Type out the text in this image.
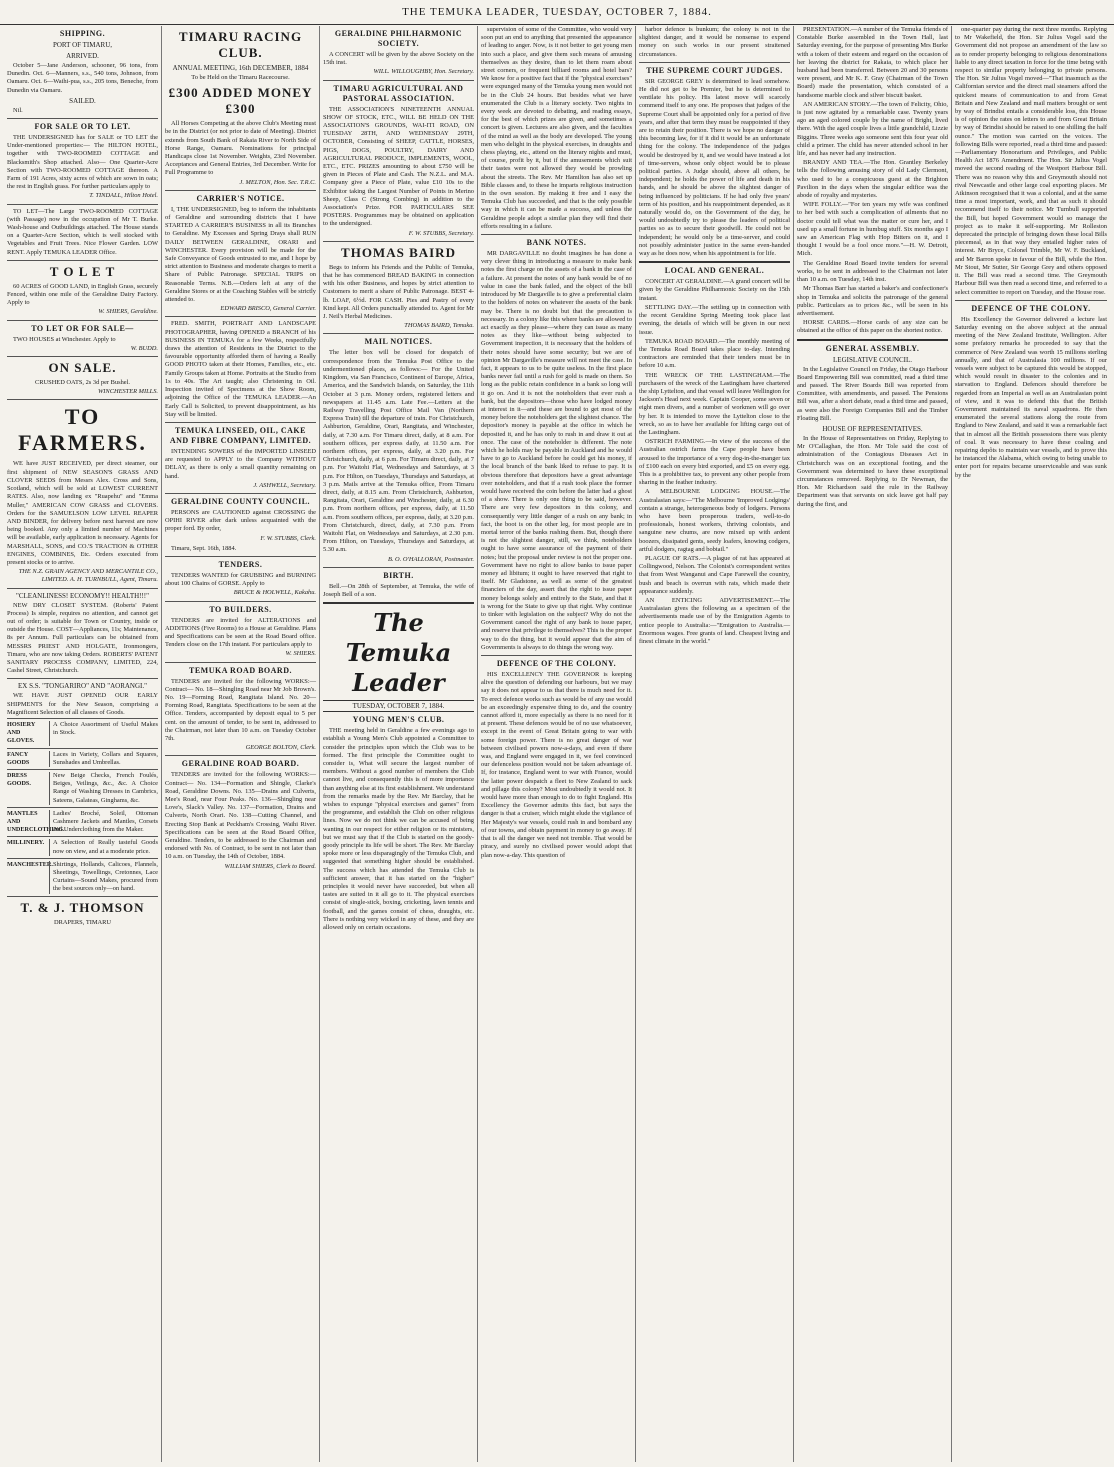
THE TEMUKA LEADER, TUESDAY, OCTOBER 7, 1884.
SHIPPING.
PORT OF TIMARU,
ARRIVED.
October 5—Jane Anderson, schooner, 96 tons, from Dunedin. Oct. 6—Manners, s.s., 540 tons, Johnson, from Oamaru. Oct. 6—Waihi-pua, s.s., 205 tons, Beneche, from Dunedin via Oamaru.
SAILED.
Nil.
FOR SALE OR TO LET.
THE UNDERSIGNED has for SALE or TO LET the Under-mentioned properties:— The HILTON HOTEL, together with TWO-ROOMED COTTAGE and Blacksmith's Shop attached. Also— One Quarter-Acre Section with TWO-ROOMED COTTAGE thereon. A Farm of 191 Acres, sixty acres of which are sown in oats; the rest in English grass. For further particulars apply to
T. TINDALL, Hilton Hotel.
TO LET—The Large TWO-ROOMED COTTAGE (with Passage) now in the occupation of Mr T. Burke. Wash-house and Outbuildings attached. The House stands on a Quarter-Acre Section, which is well stocked with Vegetables and Fruit Trees. Nice Flower Garden. LOW RENT. Apply TEMUKA LEADER Office.
T O L E T
60 ACRES of GOOD LAND, in English Grass, securely Fenced, within one mile of the Geraldine Dairy Factory. Apply to
W. SHIERS, Geraldine.
TO LET OR FOR SALE—
TWO HOUSES at Winchester. Apply to
W. BUDD.
ON SALE.
CRUSHED OATS, 2s 3d per Bushel.
WINCHESTER MILLS.
TO FARMERS.
WE have JUST RECEIVED, per direct steamer, our first shipment of NEW SEASON'S GRASS AND CLOVER SEEDS from Messrs Alex. Cross and Sons, Scotland, which will be sold at LOWEST CURRENT RATES. Also, now landing ex "Ruapehu" and "Emma Muller," AMERICAN COW GRASS and CLOVERS. Orders for the SAMUELSON LOW LEVEL REAPER AND BINDER, for delivery before next harvest are now being booked. Any only a limited number of Machines will be available, early application is necessary. Agents for MARSHALL, SONS, and CO.'S TRACTION & OTHER ENGINES, COMBINES, Etc. Orders executed from present stocks or to arrive.
THE N.Z. GRAIN AGENCY AND MERCANTILE CO., LIMITED. A. H. TURNBULL, Agent, Timaru.
"CLEANLINESS! ECONOMY!! HEALTH!!!"
NEW DRY CLOSET SYSTEM. (Roberts' Patent Process) Is simple, requires no attention, and cannot get out of order; is suitable for Town or Country, inside or outside the House. COST—Appliances, 11s; Maintenance, 8s per Annum. Full particulars can be obtained from MESSRS PRIEST AND HOLGATE, Ironmongers, Timaru, who are now taking Orders. ROBERTS' PATENT SANITARY PROCESS COMPANY, LIMITED, 224, Cashel Street, Christchurch.
EX S.S. "TONGARIRO" AND "AORANGI."
WE HAVE JUST OPENED OUR EARLY SHIPMENTS for the New Season, comprising a Magnificent Selection of all classes of Goods.
HOSIERY AND GLOVES.
A Choice Assortment of Useful Makes in Stock.
FANCY GOODS
Laces in Variety, Collars and Squares, Sunshades and Umbrellas.
DRESS GOODS.
New Beige Checks, French Foulés, Beiges, Veilings, &c., &c. A Choice Range of Washing Dresses in Cambrics, Sateens, Galateas, Ginghams, &c.
MANTLES AND UNDERCLOTHING.
Ladies' Broché, Soleil, Ottoman Cashmere Jackets and Mantles, Corsets and Underclothing from the Maker.
MILLINERY.	A Selection of Really tasteful Goods now on view, and at a moderate price.
MANCHESTER. Shirtings, Hollands, Calicoes, Flannels, Sheetings, Towellings, Cretonnes, Lace Curtains—Sound Makes, procured from the best sources only—on hand.
T. & J. THOMSON
DRAPERS, TIMARU
TIMARU RACING CLUB.
ANNUAL MEETING, 16th DECEMBER, 1884
To be Held on the Timaru Racecourse.
£300 ADDED MONEY £300
All Horses Competing at the above Club's Meeting must be in the District (or not prior to date of Meeting). District extends from South Bank of Rakaia River to North Side of Horse Range, Oamaru. Nominations for principal Handicaps close 1st November. Weights, 23rd November. Acceptances and General Entries, 3rd December. Write for Full Programme to
J. MELTON, Hon. Sec. T.R.C.
CARRIER'S NOTICE.
I, THE UNDERSIGNED, beg to inform the inhabitants of Geraldine and surrounding districts that I have STARTED A CARRIER'S BUSINESS in all its Branches to Geraldine. My Excesses and Spring Drays shall RUN DAILY BETWEEN GERALDINE, ORARI and WINCHESTER. Every provision will be made for the Safe Conveyance of Goods entrusted to me, and I hope by strict attention to Business and moderate charges to merit a Share of Public Patronage. SPECIAL TRIPS on Reasonable Terms. N.B.—Orders left at any of the Geraldine Stores or at the Coaching Stables will be strictly attended to.
EDWARD BRISCO, General Carrier.
FRED. SMITH, PORTRAIT AND LANDSCAPE PHOTOGRAPHER, having OPENED a BRANCH of his BUSINESS IN TEMUKA for a few Weeks, respectfully draws the attention of Residents in the District to the favourable opportunity afforded them of having a Really GOOD PHOTO taken at their Homes, Families, etc., etc. Family Groups taken at Home. Portraits at the Studio from 1s to 40s. The Art taught; also Christening in Oil. Inspection invited of Specimens at the Show Room, adjoining the Office of the TEMUKA LEADER.—An Early Call is Solicited, to prevent disappointment, as his Stay will be limited.
TEMUKA LINSEED, OIL, CAKE AND FIBRE COMPANY, LIMITED.
INTENDING SOWERS of the IMPORTED LINSEED are requested to APPLY to the Company WITHOUT DELAY, as there is only a small quantity remaining on hand.
J. ASHWELL, Secretary.
GERALDINE COUNTY COUNCIL.
PERSONS are CAUTIONED against CROSSING the OPIHI RIVER after dark unless acquainted with the proper ford. By order,
F. W. STUBBS, Clerk.
Timaru, Sept. 16th, 1884.
TENDERS.
TENDERS WANTED for GRUBBING and BURNING about 100 Chains of GORSE. Apply to
BRUCE & HOLWELL, Kakahu.
TO BUILDERS.
TENDERS are invited for ALTERATIONS and ADDITIONS (Five Rooms) to a House at Geraldine. Plans and Specifications can be seen at the Road Board office. Tenders close on the 17th instant. For particulars apply to
W. SHIERS.
TEMUKA ROAD BOARD.
TENDERS are invited for the following WORKS:— Contract— No. 18—Shingling Road near Mr Job Brown's. No. 19—Forming Road, Rangitata Island. No. 20—Forming Road, Rangitata. Specifications to be seen at the Office. Tenders, accompanied by deposit equal to 5 per cent. on the amount of tender, to be sent in, addressed to the Chairman, not later than 10 a.m. on Tuesday October 7th.
GEORGE BOLTON, Clerk.
GERALDINE ROAD BOARD.
TENDERS are invited for the following WORKS:— Contract— No. 134—Formation and Shingle, Clarke's Road, Geraldine Downs. No. 135—Drains and Culverts, Mee's Road, near Four Peaks. No. 136—Shingling near Love's, Slack's Valley. No. 137—Formation, Drains and Culverts, North Orari. No. 138—Cutting Channel, and Erecting Stop Bank at Peckham's Crossing, Waihi River. Specifications can be seen at the Road Board Office, Geraldine. Tenders, to be addressed to the Chairman and endorsed with No. of Contract, to be sent in not later than 10 a.m. on Tuesday, the 14th of October, 1884.
WILLIAM SHIERS, Clerk to Board.
GERALDINE PHILHARMONIC SOCIETY.
A CONCERT will be given by the above Society on the 15th inst.
WILL. WILLOUGHBY, Hon. Secretary.
TIMARU AGRICULTURAL AND PASTORAL ASSOCIATION.
THE ASSOCIATION'S NINETEENTH ANNUAL SHOW OF STOCK, ETC., WILL BE HELD ON THE ASSOCIATION'S GROUNDS, WAI-ITI ROAD, ON TUESDAY 28TH, AND WEDNESDAY 29TH, OCTOBER, Consisting of SHEEP, CATTLE, HORSES, PIGS, DOGS, POULTRY, DAIRY AND AGRICULTURAL PRODUCE, IMPLEMENTS, WOOL, ETC., ETC. PRIZES amounting to about £750 will be given in Pieces of Plate and Cash. The N.Z.L. and M.A. Company give a Piece of Plate, value £10 10s to the Exhibitor taking the Largest Number of Points in Merino Sheep, Class C (Strong Combing) in addition to the Association's Prize. FOR PARTICULARS SEE POSTERS. Programmes may be obtained on application to the undersigned.
F. W. STUBBS, Secretary.
THOMAS BAIRD
Begs to inform his Friends and the Public of Temuka, that he has commenced BREAD BAKING in connection with his other Business, and hopes by strict attention to Customers to merit a share of Public Patronage. BEST 4-lb. LOAF, 6½d. FOR CASH. Pies and Pastry of every Kind kept. All Orders punctually attended to. Agent for Mr J. Neil's Herbal Medicines.
THOMAS BAIRD, Temuka.
MAIL NOTICES.
The letter box will be closed for despatch of correspondence from the Temuka Post Office to the undermentioned places, as follows:— For the United Kingdom, via San Francisco, Continent of Europe, Africa, America, and the Sandwich Islands, on Saturday, the 11th October at 3 p.m. Money orders, registered letters and newspapers at 11.45 a.m. Late Fee.—Letters at the Railway Travelling Post Office Mail Van (Northern Express Train) till the departure of train. For Christchurch, Ashburton, Geraldine, Orari, Rangitata, and Winchester, daily, at 7.30 a.m. For Timaru direct, daily, at 8 a.m. For southern offices, per express daily, at 11.50 a.m. For northern offices, per express, daily, at 3.20 p.m. For Christchurch, daily, at 6 p.m. For Timaru direct, daily, at 7 p.m. For Waitohi Flat, Wednesdays and Saturdays, at 3 p.m. For Hilton, on Tuesdays, Thursdays and Saturdays, at 3 p.m. Mails arrive at the Temuka office, From Timaru direct, daily, at 8.15 a.m. From Christchurch, Ashburton, Rangitata, Orari, Geraldine and Winchester, daily, at 6.30 p.m. From northern offices, per express, daily, at 11.50 a.m. From southern offices, per express, daily, at 3.20 p.m. From Christchurch, direct, daily, at 7.30 p.m. From Waitohi Flat, on Wednesdays and Saturdays, at 2.30 p.m. From Hilton, on Tuesdays, Thursdays and Saturdays, at 5.30 a.m.
B. O. O'HALLORAN, Postmaster.
BIRTH.
Bell.—On 28th of September, at Temuka, the wife of Joseph Bell of a son.
The Temuka Leader
TUESDAY, OCTOBER 7, 1884.
YOUNG MEN'S CLUB.
THE meeting held in Geraldine a few evenings ago to establish a Young Men's Club appointed a Committee to consider the principles upon which the Club was to be formed. The first principle the Committee ought to consider is, What will secure the largest number of members. Without a good number of members the Club cannot live, and consequently this is of more importance than anything else at its first establishment. We understand from the remarks made by the Rev. Mr Barclay, that he wishes to expunge "physical exercises and games" from the programme, and establish the Club on other religious lines. Now we do not think we can be accused of being wanting in our respect for either religion or its ministers, but we must say that if the Club is started on the goody-goody principle its life will be short. The Rev. Mr Barclay spoke more or less disparagingly of the Temuka Club, and suggested that something higher should be established. The success which has attended the Temuka Club is sufficient answer, that it has started on the "higher" principles it would never have succeeded, but when all tastes are suited in it all go to it. The physical exercises consist of single-stick, boxing, cricketing, lawn tennis and football, and the games consist of chess, draughts, etc. There is nothing very wicked in any of these, and they are allowed only on certain occasions.
supervision of some of the Committee, who would very soon put an end to anything that presented the appearance of leading to anger. Now, is it not better to get young men into such a place, and give them such means of amusing themselves as they desire, than to let them roam about street corners, or frequent billiard rooms and hotel bars? We know for a positive fact that if the "physical exercises" were expunged many of the Temuka young men would not be in the Club 24 hours. But besides what we have enumerated the Club is a literary society. Two nights in every week are devoted to debating, and reading essays, for the best of which prizes are given, and sometimes a concert is given. Lectures are also given, and the faculties of the mind as well as the body are developed. The young men who delight in the physical exercises, in draughts and chess playing, etc., attend on the literary nights and must, of course, profit by it, but if the amusements which suit their tastes were not allowed they would be prowling about the streets. The Rev. Mr Hamilton has also set up Bible classes and, to these he imparts religious instruction in the own session. By making it free and I easy the Temuka Club has succeeded, and that is the only possible way in which it can be made a success, and unless the Geraldine people adopt a similar plan they will find their efforts resulting in a failure.
BANK NOTES.
MR DARGAVILLE no doubt imagines he has done a very clever thing in introducing a measure to make bank notes the first charge on the assets of a bank in the case of a failure. At present the notes of any bank would be of no value in case the bank failed, and the object of the bill introduced by Mr Dargaville is to give a preferential claim to the holders of notes on whatever the assets of the bank may be. There is no doubt but that the precaution is necessary. In a colony like this where banks are allowed to act exactly as they please—where they can issue as many notes as they like—without being subjected to Government inspection, it is necessary that the holders of their notes should have some security; but we are of opinion Mr Dargaville's measure will not meet the case. In fact, it appears to us to be quite useless. In the first place banks never fail until a rush for gold is made on them. So long as the public retain confidence in a bank so long will it go on. And it is not the noteholders that ever rush a bank, but the depositors—those who have lodged money at interest in it—and these are bound to get most of the money before the noteholders get the slightest chance. The depositor's money is payable at the office in which he deposited it, and he has only to rush in and draw it out at once. The case of the noteholder is different. The note which he holds may be payable in Auckland and he would have to go to Auckland before he could get his money, if the local branch of the bank liked to refuse to pay. It is obvious therefore that depositors have a great advantage over noteholders, and that if a rush took place the former would have received the coin before the latter had a ghost of a show. There is only one thing to be said, however. There are very few depositors in this colony, and consequently very little danger of a rush on any bank; in fact, the boot is on the other leg, for most people are in mortal terror of the banks rushing them. But, though there is not the slightest danger, still, we think, noteholders ought to have some assurance of the payment of their notes; but the proposal under review is not the proper one. Government have no right to allow banks to issue paper money ad libitum; it ought to have reserved that right to itself. Mr Gladstone, as well as some of the greatest financiers of the day, assert that the right to issue paper money belongs solely and entirely to the State, and that it is wrong for the State to give up that right. Why continue to tinker with legislation on the subject? Why do not the Government cancel the right of any bank to issue paper, and reserve that privilege to themselves? This is the proper way to do the thing, but it would appear that the aim of Governments is always to do things the wrong way.
DEFENCE OF THE COLONY.
HIS EXCELLENCY THE GOVERNOR is keeping alive the question of defending our harbours, but we may say it does not appear to us that there is much need for it. To erect defence works such as would be of any use would be an exceedingly expensive thing to do, and the country cannot afford it, more especially as there is no need for it at present. These defences would be of no use whatsoever, except in the event of Great Britain going to war with some foreign power. There is no great danger of war between civilised powers now-a-days, and even if there was, and England were engaged in it, we feel convinced our defenceless position would not be taken advantage of. If, for instance, England went to war with France, would the latter power despatch a fleet to New Zealand to sack and pillage this colony? Most undoubtedly it would not. It would have more than enough to do to fight England. His Excellency the Governor admits this fact, but says the danger is that a cruiser, which might elude the vigilance of Her Majesty's war vessels, could rush in and bombard any of our towns, and obtain payment in money to go away. If that is all the danger we need not tremble. That would be piracy, and surely no civilised power would adopt that plan now-a-day. This question of
harbor defence is bunkum; the colony is not in the slightest danger, and it would be nonsense to expend money on such works in our present straitened circumstances.
THE SUPREME COURT JUDGES.
SIR GEORGE GREY is determined to lead somehow. He did not get to be Premier, but he is determined to ventilate his policy. His latest move will scarcely commend itself to any one. He proposes that judges of the Supreme Court shall be appointed only for a period of five years, and after that term they must be reappointed if they are to retain their position. There is we hope no danger of this becoming law, for if it did it would be an unfortunate thing for the colony. The independence of the judges would be destroyed by it, and we would have instead a lot of time-servers, whose only object would be to please political parties. A Judge should, above all others, be independent; he holds the power of life and death in his hands, and he should be above the slightest danger of being influenced by politicians. If he had only five years' term of his position, and his reappointment depended, as it naturally would do, on the Government of the day, he would undoubtedly try to please the leaders of political parties so as to secure their goodwill. He could not be independent; he would only be a time-server, and could not possibly administer justice in the same even-handed way as he does now, when his appointment is for life.
LOCAL AND GENERAL.
CONCERT AT GERALDINE.—A grand concert will be given by the Geraldine Philharmonic Society on the 15th instant.
SETTLING DAY.—The settling up in connection with the recent Geraldine Spring Meeting took place last evening, the details of which will be given in our next issue.
TEMUKA ROAD BOARD.—The monthly meeting of the Temuka Road Board takes place to-day. Intending contractors are reminded that their tenders must be in before 10 a.m.
THE WRECK OF THE LASTINGHAM.—The purchasers of the wreck of the Lastingham have chartered the ship Lyttelton, and that vessel will leave Wellington for Jackson's Head next week. Captain Cooper, some seven or eight men divers, and a number of workmen will go over by her. It is intended to move the Lyttelton close to the wreck, so as to have her available for lifting cargo out of the Lastingham.
OSTRICH FARMING.—In view of the success of the Australian ostrich farms the Cape people have been aroused to the importance of a very dog-in-the-manger tax of £100 each on every bird exported, and £5 on every egg. This is a prohibitive tax, to prevent any other people from sharing in the feather industry.
A MELBOURNE LODGING HOUSE.—The Australasian says:—"The Melbourne 'Improved Lodgings' contain a strange, heterogeneous body of lodgers. Persons who have been prosperous traders, well-to-do professionals, honest workers, thriving colonists, and sanguine new chums, are now mixed up with ardent boozers, dissipated gents, seedy loafers, knowing codgers, artful dodgers, ragtag and bobtail."
PLAGUE OF RATS.—A plague of rat has appeared at Collingwood, Nelson. The Colonist's correspondent writes that from West Wanganui and Cape Farewell the country, bush and beach is overrun with rats, which made their appearance suddenly.
AN ENTICING ADVERTISEMENT.—The Australasian gives the following as a specimen of the advertisements made use of by the Emigration Agents to entice people to Australia:—"Emigration to Australia.—Enormous wages. Free grants of land. Cheapest living and finest climate in the world."
PRESENTATION.—A number of the Temuka friends of Constable Burke assembled in the Town Hall, last Saturday evening, for the purpose of presenting Mrs Burke with a token of their esteem and regard on the occasion of her leaving the district for Rakaia, to which place her husband had been transferred. Between 20 and 30 persons were present, and Mr K. F. Gray (Chairman of the Town Board) made the presentation, which consisted of a handsome marble clock and silver biscuit basket.
AN AMERICAN STORY.—The town of Felicity, Ohio, is just now agitated by a remarkable case. Twenty years ago an aged colored couple by the name of Bright, lived there. With the aged couple lives a little grandchild, Lizzie Biggins. Three weeks ago someone sent this four year old child a primer. The child has never attended school in her life, and has never had any instruction.
BRANDY AND TEA.—The Hon. Grantley Berkeley tells the following amusing story of old Lady Clermont, who used to be a conspicuous guest at the Brighton Pavilion in the days when the singular edifice was the abode of royalty and mysteries.
WIFE FOLLY.—"For ten years my wife was confined to her bed with such a complication of ailments that no doctor could tell what was the matter or cure her, and I used up a small fortune in humbug stuff. Six months ago I saw an American Flag with Hop Bitters on it, and I thought I would be a fool once more."—H. W. Detroit, Mich.
The Geraldine Road Board invite tenders for several works, to be sent in addressed to the Chairman not later than 10 a.m. on Tuesday, 14th inst.
Mr Thomas Barr has started a baker's and confectioner's shop in Temuka and solicits the patronage of the general public. Particulars as to prices &c., will be seen in his advertisement.
HORSE CARDS.—Horse cards of any size can be obtained at the office of this paper on the shortest notice.
GENERAL ASSEMBLY.
LEGISLATIVE COUNCIL.
In the Legislative Council on Friday, the Otago Harbour Board Empowering Bill was committed, read a third time and passed. The River Boards Bill was reported from Committee, with amendments, and passed. The Pensions Bill was, after a short debate, read a third time and passed, as were also the Foreign Companies Bill and the Timber Floating Bill.
HOUSE OF REPRESENTATIVES.
In the House of Representatives on Friday, Replying to Mr O'Callaghan, the Hon. Mr Tole said the cost of administration of the Contagious Diseases Act in Christchurch was on an exceptional footing, and the Government was determined to have these exceptional circumstances removed. Replying to Dr Newman, the Hon. Mr Richardson said the rule in the Railway Department was that servants on sick leave got half pay during the first, and
one-quarter pay during the next three months. Replying to Mr Wakefield, the Hon. Sir Julius Vogel said the Government did not propose an amendment of the law so as to render property belonging to religious denominations liable to any direct taxation in force for the time being with respect to similar property belonging to private persons. The Hon. Sir Julius Vogel moved—"That inasmuch as the Californian service and the direct mail steamers afford the quickest means of communication to and from Great Britain and New Zealand and mail matters brought or sent by way of Brindisi entails a considerable loss, this House is of opinion the rates on letters to and from Great Britain by way of Brindisi should be raised to one shilling the half ounce." The motion was carried on the voices. The following Bills were reported, read a third time and passed:—Parliamentary Honorarium and Privileges, and Public Health Act 1876 Amendment. The Hon. Sir Julius Vogel moved the second reading of the Westport Harbour Bill. There was no reason why this and Greymouth should not rival Newcastle and other large coal exporting places. Mr Atkinson recognised that it was a colonial, and at the same time a most important, work, and that as such it should recommend itself to their notice. Mr Turnbull supported the Bill, but hoped Government would so manage the project as to make it self-supporting. Mr Rolleston deprecated the principle of bringing down these local Bills piecemeal, as in that way they entailed higher rates of interest. Mr Bryce, Colonel Trimble, Mr W. F. Buckland, and Mr Barron spoke in favour of the Bill, while the Hon. Mr Stout, Mr Sutter, Sir George Grey and others opposed it. The Bill was read a second time. The Greymouth Harbour Bill was then read a second time, and referred to a select committee to report on Tuesday, and the House rose.
DEFENCE OF THE COLONY.
His Excellency the Governor delivered a lecture last Saturday evening on the above subject at the annual meeting of the New Zealand Institute, Wellington. After some prefatory remarks he proceeded to say that the commerce of New Zealand was worth 15 millions sterling annually, and that of Australasia 100 millions. If our vessels were subject to be captured this would be stopped, which would result in disaster to the colonies and in starvation to England. Defences should therefore be regarded from an Imperial as well as an Australasian point of view, and it was to defend this that the British Government maintained its naval squadrons. He then enumerated the several stations along the route from England to New Zealand, and said it was a remarkable fact that in almost all the British possessions there was plenty of coal. It was necessary to have these coaling and repairing depôts to maintain war vessels, and to prove this he instanced the Alabama, which owing to being unable to enter port for repairs became unserviceable and was sunk by the
